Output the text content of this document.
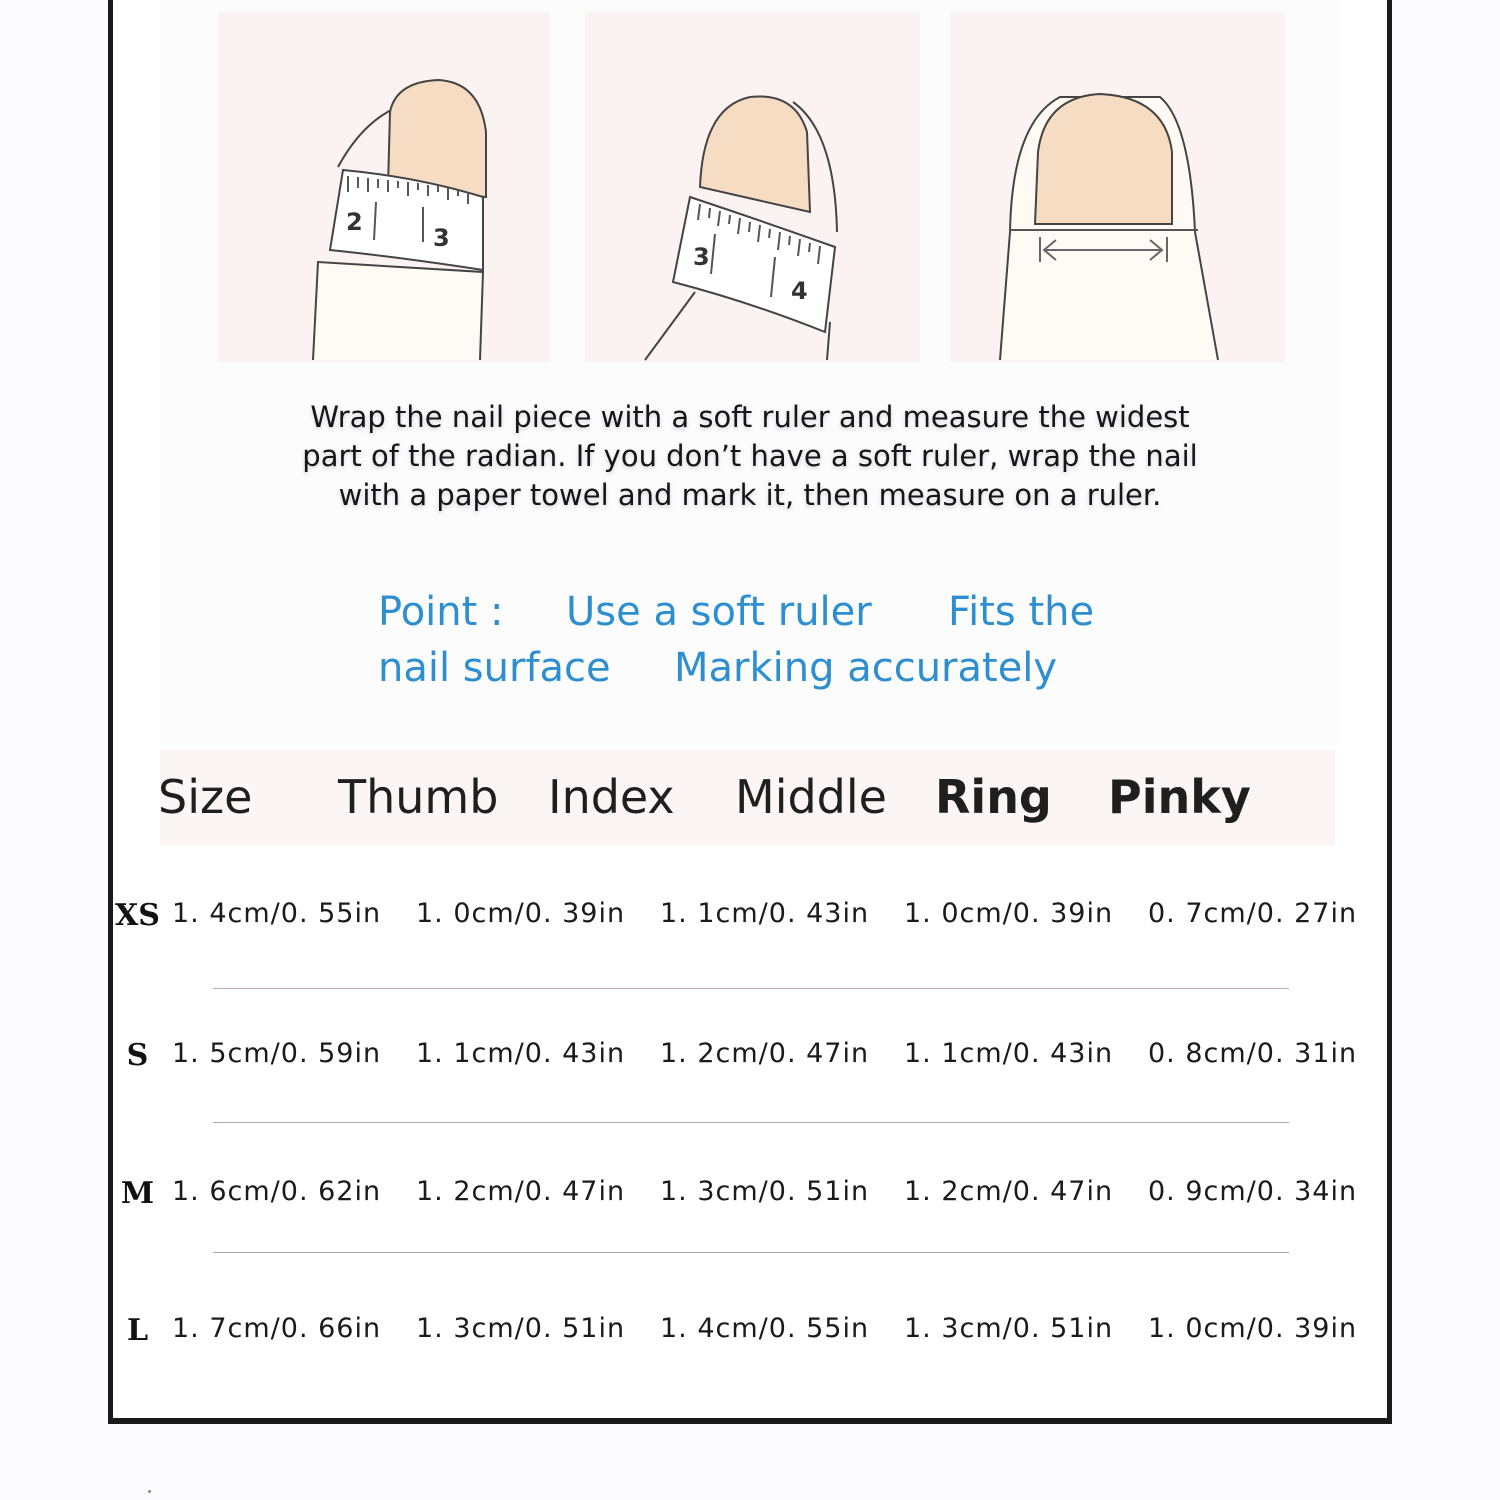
2
3
3
4
Wrap the nail piece with a soft ruler and measure the widest
part of the radian. If you don’t have a soft ruler, wrap the nail
with a paper towel and mark it, then measure on a ruler.
Point : Use a soft ruler Fits the
nail surface Marking accurately
Size Thumb Index Middle Ring Pinky
XS 1. 4cm/0. 55in 1. 0cm/0. 39in 1. 1cm/0. 43in 1. 0cm/0. 39in 0. 7cm/0. 27in
S 1. 5cm/0. 59in 1. 1cm/0. 43in 1. 2cm/0. 47in 1. 1cm/0. 43in 0. 8cm/0. 31in
M 1. 6cm/0. 62in 1. 2cm/0. 47in 1. 3cm/0. 51in 1. 2cm/0. 47in 0. 9cm/0. 34in
L 1. 7cm/0. 66in 1. 3cm/0. 51in 1. 4cm/0. 55in 1. 3cm/0. 51in 1. 0cm/0. 39in
